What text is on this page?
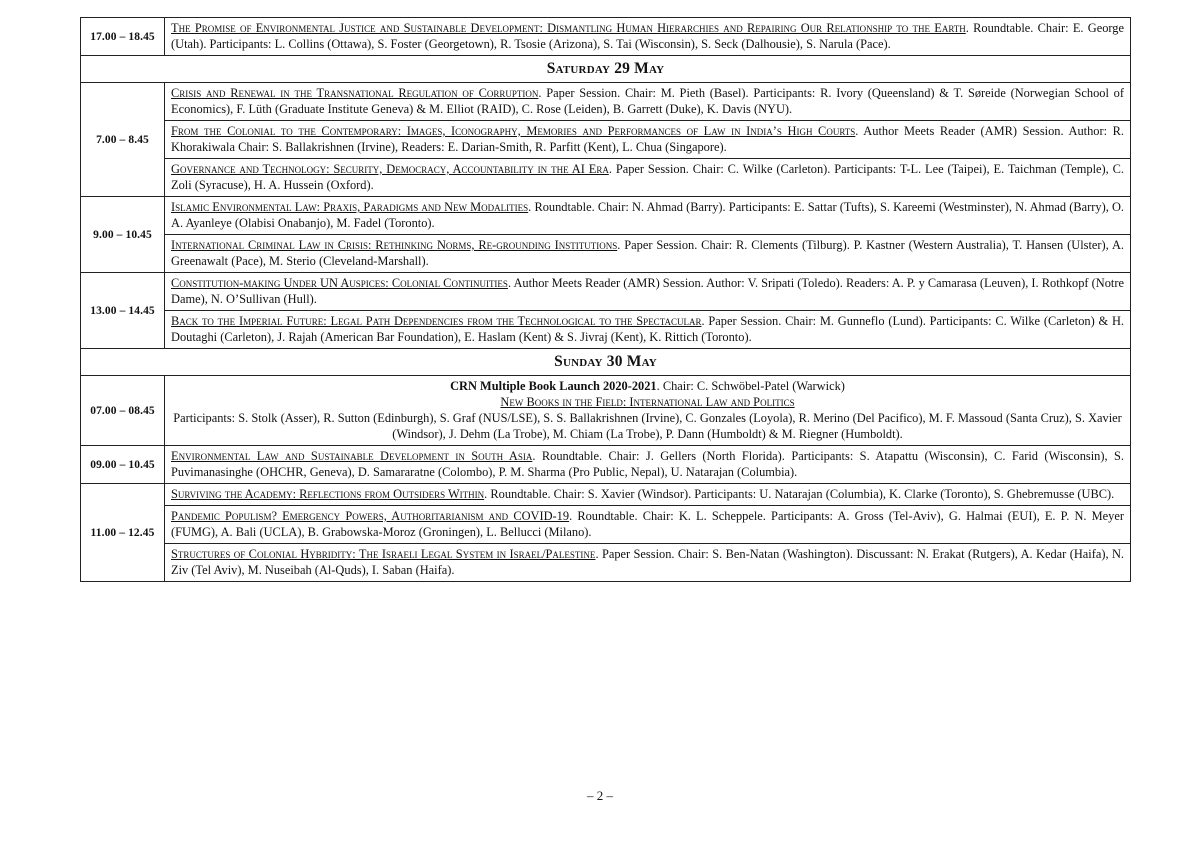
17.00 – 18.45	The Promise of Environmental Justice and Sustainable Development: Dismantling Human Hierarchies and Repairing Our Relationship to the Earth. Roundtable. Chair: E. George (Utah). Participants: L. Collins (Ottawa), S. Foster (Georgetown), R. Tsosie (Arizona), S. Tai (Wisconsin), S. Seck (Dalhousie), S. Narula (Pace).

Saturday 29 May	
7.00 – 8.45	Crisis and Renewal in the Transnational Regulation of Corruption. Paper Session. Chair: M. Pieth (Basel). Participants: R. Ivory (Queensland) & T. Søreide (Norwegian School of Economics), F. Lüth (Graduate Institute Geneva) & M. Elliot (RAID), C. Rose (Leiden), B. Garrett (Duke), K. Davis (NYU).
From the Colonial to the Contemporary: Images, Iconography, Memories and Performances of Law in India’s High Courts. Author Meets Reader (AMR) Session. Author: R. Khorakiwala Chair: S. Ballakrishnen (Irvine), Readers: E. Darian-Smith, R. Parfitt (Kent), L. Chua (Singapore).
Governance and Technology: Security, Democracy, Accountability in the AI Era. Paper Session. Chair: C. Wilke (Carleton). Participants: T-L. Lee (Taipei), E. Taichman (Temple), C. Zoli (Syracuse), H. A. Hussein (Oxford).

9.00 – 10.45	Islamic Environmental Law: Praxis, Paradigms and New Modalities. Roundtable. Chair: N. Ahmad (Barry). Participants: E. Sattar (Tufts), S. Kareemi (Westminster), N. Ahmad (Barry), O. A. Ayanleye (Olabisi Onabanjo), M. Fadel (Toronto).
International Criminal Law in Crisis: Rethinking Norms, Re-grounding Institutions. Paper Session. Chair: R. Clements (Tilburg). P. Kastner (Western Australia), T. Hansen (Ulster), A. Greenawalt (Pace), M. Sterio (Cleveland-Marshall).

13.00 – 14.45	Constitution-making Under UN Auspices: Colonial Continuities. Author Meets Reader (AMR) Session. Author: V. Sripati (Toledo). Readers: A. P. y Camarasa (Leuven), I. Rothkopf (Notre Dame), N. O’Sullivan (Hull).
Back to the Imperial Future: Legal Path Dependencies from the Technological to the Spectacular. Paper Session. Chair: M. Gunneflo (Lund). Participants: C. Wilke (Carleton) & H. Doutaghi (Carleton), J. Rajah (American Bar Foundation), E. Haslam (Kent) & S. Jivraj (Kent), K. Rittich (Toronto).

Sunday 30 May	
07.00 – 08.45	CRN Multiple Book Launch 2020-2021. Chair: C. Schwöbel-Patel (Warwick)
New Books in the Field: International Law and Politics
Participants: S. Stolk (Asser), R. Sutton (Edinburgh), S. Graf (NUS/LSE), S. S. Ballakrishnen (Irvine), C. Gonzales (Loyola), R. Merino (Del Pacifico), M. F. Massoud (Santa Cruz), S. Xavier (Windsor), J. Dehm (La Trobe), M. Chiam (La Trobe), P. Dann (Humboldt) & M. Riegner (Humboldt).

09.00 – 10.45	Environmental Law and Sustainable Development in South Asia. Roundtable. Chair: J. Gellers (North Florida). Participants: S. Atapattu (Wisconsin), C. Farid (Wisconsin), S. Puvimanasinghe (OHCHR, Geneva), D. Samararatne (Colombo), P. M. Sharma (Pro Public, Nepal), U. Natarajan (Columbia).

11.00 – 12.45	Surviving the Academy: Reflections from Outsiders Within. Roundtable. Chair: S. Xavier (Windsor). Participants: U. Natarajan (Columbia), K. Clarke (Toronto), S. Ghebremusse (UBC).
Pandemic Populism? Emergency Powers, Authoritarianism and COVID-19. Roundtable. Chair: K. L. Scheppele. Participants: A. Gross (Tel-Aviv), G. Halmai (EUI), E. P. N. Meyer (FUMG), A. Bali (UCLA), B. Grabowska-Moroz (Groningen), L. Bellucci (Milano).
Structures of Colonial Hybridity: The Israeli Legal System in Israel/Palestine. Paper Session. Chair: S. Ben-Natan (Washington). Discussant: N. Erakat (Rutgers), A. Kedar (Haifa), N. Ziv (Tel Aviv), M. Nuseibah (Al-Quds), I. Saban (Haifa).
– 2 –
